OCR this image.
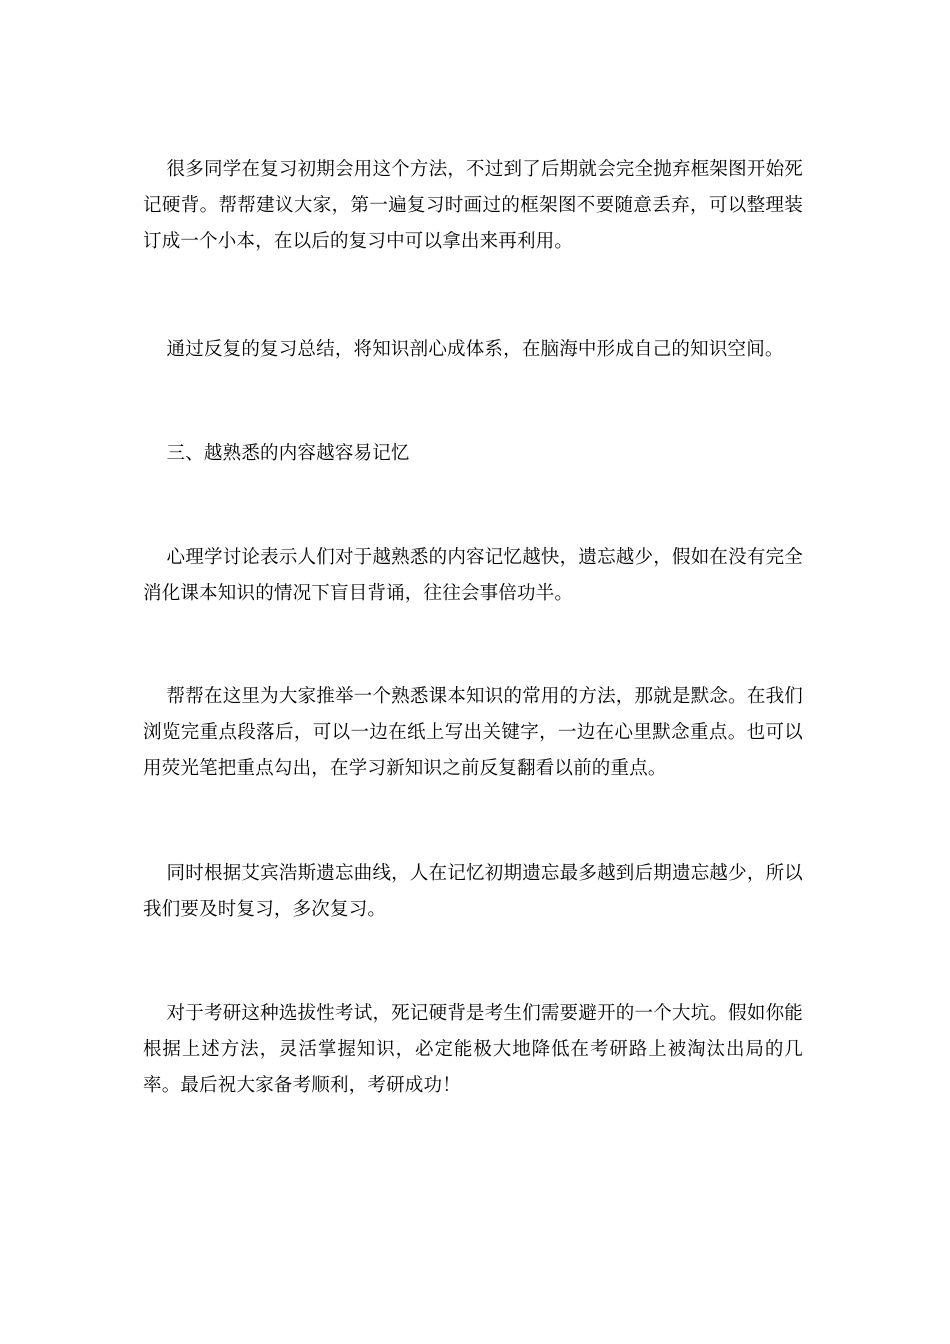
很多同学在复习初期会用这个方法，不过到了后期就会完全抛弃框架图开始死记硬背。帮帮建议大家，第一遍复习时画过的框架图不要随意丢弃，可以整理装订成一个小本，在以后的复习中可以拿出来再利用。

通过反复的复习总结，将知识剖心成体系，在脑海中形成自己的知识空间。

三、越熟悉的内容越容易记忆

心理学讨论表示人们对于越熟悉的内容记忆越快，遗忘越少，假如在没有完全消化课本知识的情况下盲目背诵，往往会事倍功半。

帮帮在这里为大家推举一个熟悉课本知识的常用的方法，那就是默念。在我们浏览完重点段落后，可以一边在纸上写出关键字，一边在心里默念重点。也可以用荧光笔把重点勾出，在学习新知识之前反复翻看以前的重点。

同时根据艾宾浩斯遗忘曲线，人在记忆初期遗忘最多越到后期遗忘越少，所以我们要及时复习，多次复习。

对于考研这种选拔性考试，死记硬背是考生们需要避开的一个大坑。假如你能根据上述方法，灵活掌握知识，必定能极大地降低在考研路上被淘汰出局的几率。最后祝大家备考顺利，考研成功！
